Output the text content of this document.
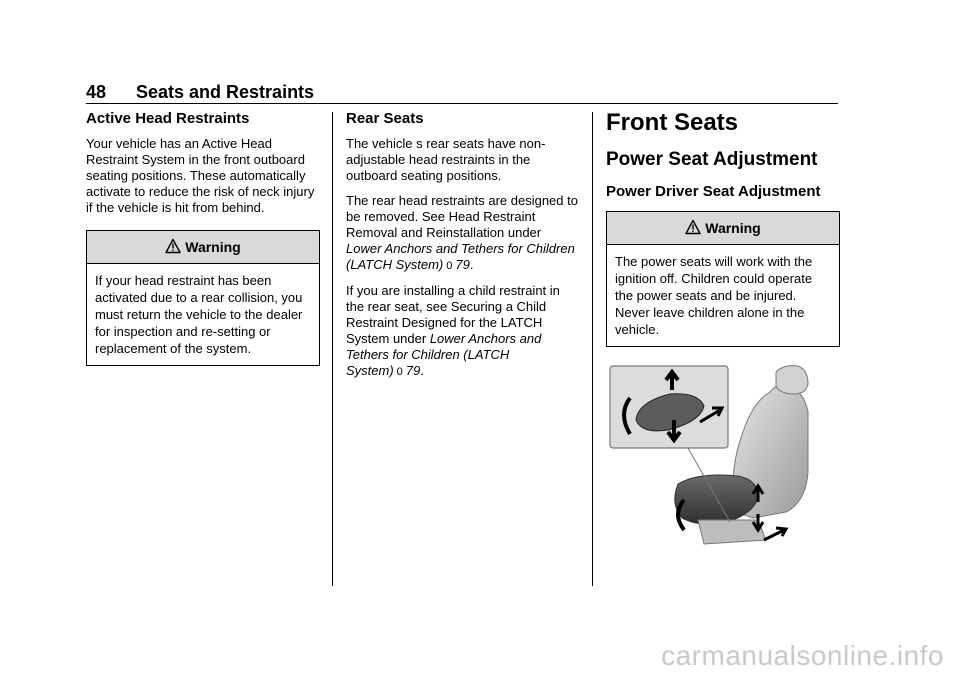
48 Seats and Restraints
Active Head Restraints

Your vehicle has an Active Head Restraint System in the front outboard seating positions. These automatically activate to reduce the risk of neck injury if the vehicle is hit from behind.

Warning
If your head restraint has been activated due to a rear collision, you must return the vehicle to the dealer for inspection and re-setting or replacement of the system.
Rear Seats

The vehicle s rear seats have non-adjustable head restraints in the outboard seating positions.

The rear head restraints are designed to be removed. See Head Restraint Removal and Reinstallation under Lower Anchors and Tethers for Children (LATCH System) 0 79.

If you are installing a child restraint in the rear seat, see Securing a Child Restraint Designed for the LATCH System under Lower Anchors and Tethers for Children (LATCH System) 0 79.

Front Seats
Power Seat Adjustment
Power Driver Seat Adjustment
Warning
The power seats will work with the ignition off. Children could operate the power seats and be injured. Never leave children alone in the vehicle.
carmanualsonline.info
